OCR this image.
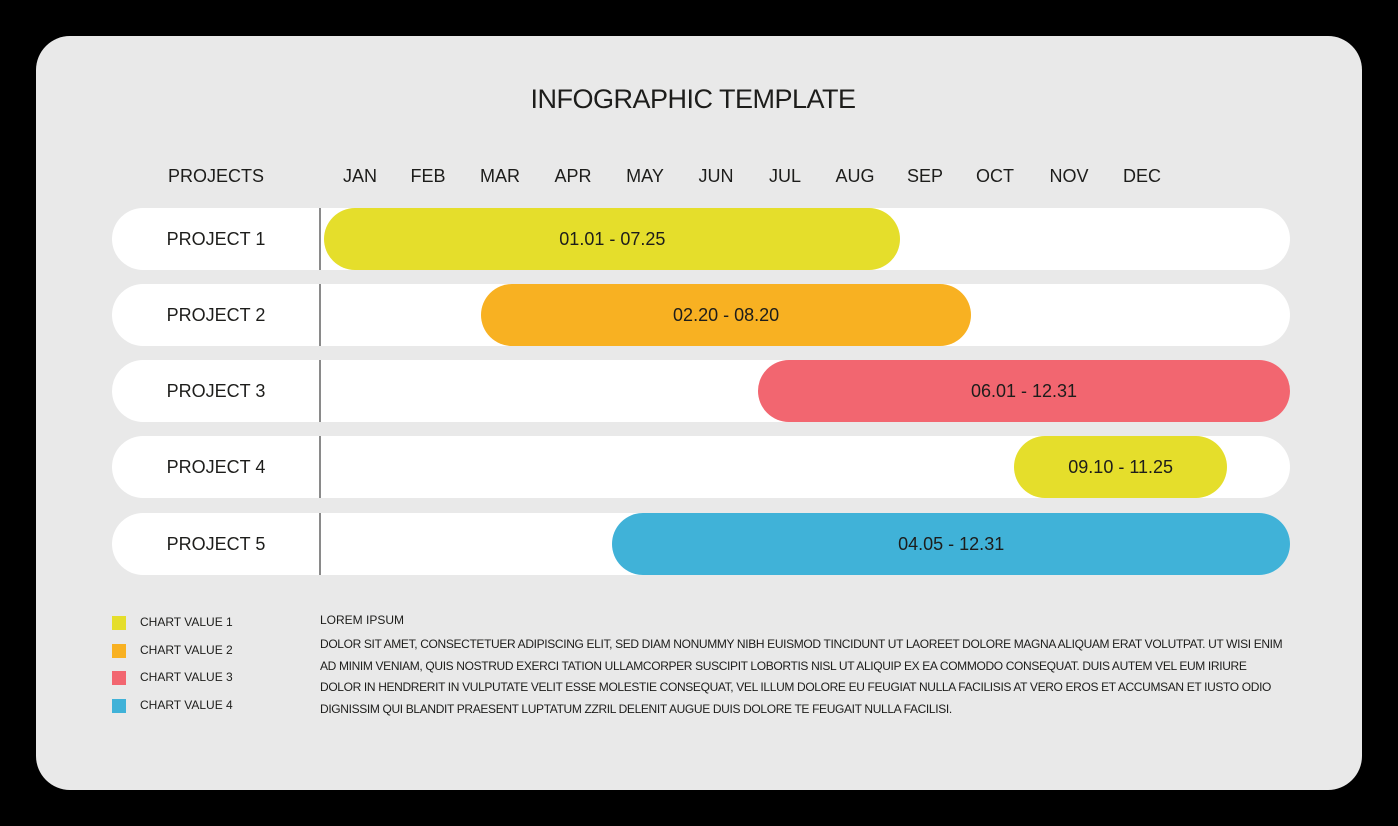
INFOGRAPHIC TEMPLATE
PROJECTS	JAN	FEB	MAR	APR	MAY	JUN	JUL	AUG	SEP	OCT	NOV	DEC
PROJECT 1	01.01 - 07.25
PROJECT 2	02.20 - 08.20
PROJECT 3	06.01 - 12.31
PROJECT 4	09.10 - 11.25
PROJECT 5	04.05 - 12.31
CHART VALUE 1
CHART VALUE 2
CHART VALUE 3
CHART VALUE 4
LOREM IPSUM
DOLOR SIT AMET, CONSECTETUER ADIPISCING ELIT, SED DIAM NONUMMY NIBH EUISMOD TINCIDUNT UT LAOREET DOLORE MAGNA ALIQUAM ERAT VOLUTPAT. UT WISI ENIM AD MINIM VENIAM, QUIS NOSTRUD EXERCI TATION ULLAMCORPER SUSCIPIT LOBORTIS NISL UT ALIQUIP EX EA COMMODO CONSEQUAT. DUIS AUTEM VEL EUM IRIURE DOLOR IN HENDRERIT IN VULPUTATE VELIT ESSE MOLESTIE CONSEQUAT, VEL ILLUM DOLORE EU FEUGIAT NULLA FACILISIS AT VERO EROS ET ACCUMSAN ET IUSTO ODIO DIGNISSIM QUI BLANDIT PRAESENT LUPTATUM ZZRIL DELENIT AUGUE DUIS DOLORE TE FEUGAIT NULLA FACILISI.
